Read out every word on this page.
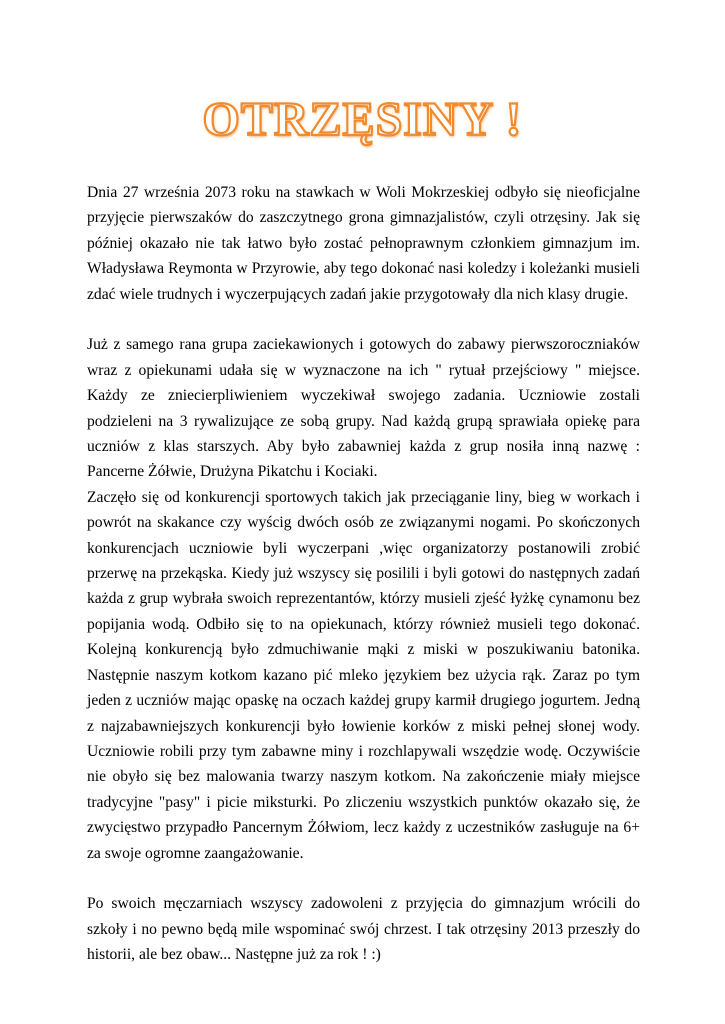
OTRZĘSINY !

Dnia 27 września 2073 roku na stawkach w Woli Mokrzeskiej odbyło się nieoficjalne przyjęcie pierwszaków do zaszczytnego grona gimnazjalistów, czyli otrzęsiny. Jak się później okazało nie tak łatwo było zostać pełnoprawnym członkiem gimnazjum im. Władysława Reymonta w Przyrowie, aby tego dokonać nasi koledzy i koleżanki musieli zdać wiele trudnych i wyczerpujących zadań jakie przygotowały dla nich klasy drugie.

Już z samego rana grupa zaciekawionych i gotowych do zabawy pierwszoroczniaków wraz z opiekunami udała się w wyznaczone na ich " rytuał przejściowy " miejsce. Każdy ze zniecierpliwieniem wyczekiwał swojego zadania. Uczniowie zostali podzieleni na 3 rywalizujące ze sobą grupy. Nad każdą grupą sprawiała opiekę para uczniów z klas starszych. Aby było zabawniej każda z grup nosiła inną nazwę : Pancerne Żółwie, Drużyna Pikatchu i Kociaki.

Zaczęło się od konkurencji sportowych takich jak przeciąganie liny, bieg w workach i powrót na skakance czy wyścig dwóch osób ze związanymi nogami. Po skończonych konkurencjach uczniowie byli wyczerpani ,więc organizatorzy postanowili zrobić przerwę na przekąska. Kiedy już wszyscy się posilili i byli gotowi do następnych zadań każda z grup wybrała swoich reprezentantów, którzy musieli zjeść łyżkę cynamonu bez popijania wodą. Odbiło się to na opiekunach, którzy również musieli tego dokonać. Kolejną konkurencją było zdmuchiwanie mąki z miski w poszukiwaniu batonika. Następnie naszym kotkom kazano pić mleko językiem bez użycia rąk. Zaraz po tym jeden z uczniów mając opaskę na oczach każdej grupy karmił drugiego jogurtem. Jedną z najzabawniejszych konkurencji było łowienie korków z miski pełnej słonej wody. Uczniowie robili przy tym zabawne miny i rozchlapywali wszędzie wodę. Oczywiście nie obyło się bez malowania twarzy naszym kotkom. Na zakończenie miały miejsce tradycyjne "pasy" i picie miksturki. Po zliczeniu wszystkich punktów okazało się, że zwycięstwo przypadło Pancernym Żółwiom, lecz każdy z uczestników zasługuje na 6+ za swoje ogromne zaangażowanie.

Po swoich męczarniach wszyscy zadowoleni z przyjęcia do gimnazjum wrócili do szkoły i no pewno będą mile wspominać swój chrzest. I tak otrzęsiny 2013 przeszły do historii, ale bez obaw... Następne już za rok ! :)
